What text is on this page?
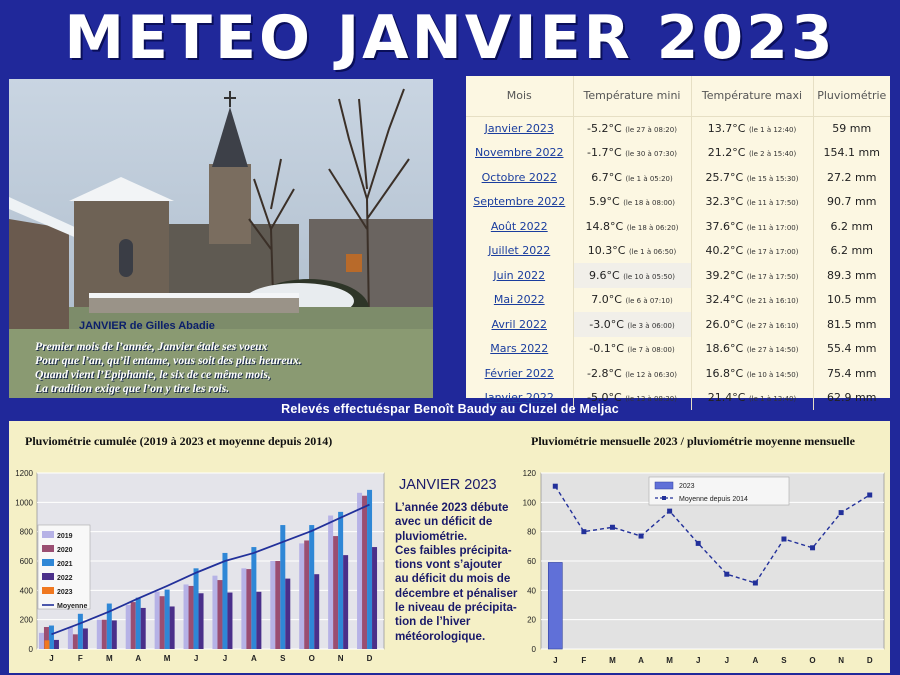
METEO JANVIER 2023
JANVIER de Gilles Abadie
Premier mois de l’année, Janvier étale ses voeux
Pour que l’an, qu’il entame, vous soit des plus heureux.
Quand vient l’Epiphanie, le six de ce même mois,
La tradition exige que l’on y tire les rois.
Mois	Température mini	Température maxi	Pluviométrie
Janvier 2023	-5.2°C (le 27 à 08:20)	13.7°C (le 1 à 12:40)	59 mm
Novembre 2022	-1.7°C (le 30 à 07:30)	21.2°C (le 2 à 15:40)	154.1 mm
Octobre 2022	6.7°C (le 1 à 05:20)	25.7°C (le 15 à 15:30)	27.2 mm
Septembre 2022	5.9°C (le 18 à 08:00)	32.3°C (le 11 à 17:50)	90.7 mm
Août 2022	14.8°C (le 18 à 06:20)	37.6°C (le 11 à 17:00)	6.2 mm
Juillet 2022	10.3°C (le 1 à 06:50)	40.2°C (le 17 à 17:00)	6.2 mm
Juin 2022	9.6°C (le 10 à 05:50)	39.2°C (le 17 à 17:50)	89.3 mm
Mai 2022	7.0°C (le 6 à 07:10)	32.4°C (le 21 à 16:10)	10.5 mm
Avril 2022	-3.0°C (le 3 à 06:00)	26.0°C (le 27 à 16:10)	81.5 mm
Mars 2022	-0.1°C (le 7 à 08:00)	18.6°C (le 27 à 14:50)	55.4 mm
Février 2022	-2.8°C (le 12 à 06:30)	16.8°C (le 10 à 14:50)	75.4 mm
Janvier 2022	-5.0°C (le 13 à 08:30)	21.4°C (le 1 à 13:40)	62.9 mm
Relevés effectuéspar Benoît Baudy au Cluzel de Meljac
0
200
400
600
800
1000
1200
J	F	M	A	M	J	J	A	S	O	N	D
2019
2020
2021
2022
2023
Moyenne
0
20
40
60
80
100
120
J	F	M	A	M	J	J	A	S	O	N	D
2023
Moyenne depuis 2014
Pluviométrie cumulée (2019 à 2023 et moyenne depuis 2014)	Pluviométrie mensuelle 2023 / pluviométrie moyenne mensuelle
JANVIER 2023
L’année 2023 débute
avec un déficit de
pluviométrie.
Ces faibles précipita-
tions vont s’ajouter
au déficit du mois de
décembre et pénaliser
le niveau de précipita-
tion de l’hiver
météorologique.
